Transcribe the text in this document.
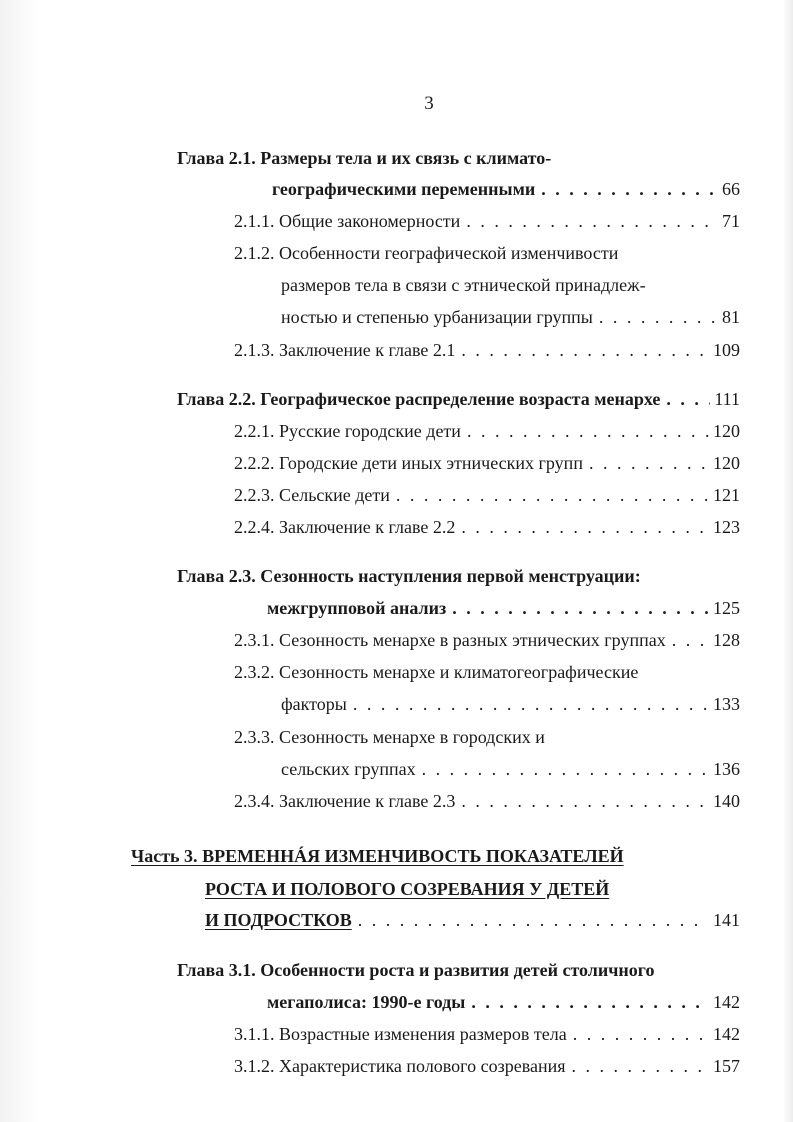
3
Глава 2.1. Размеры тела и их связь с климато-
географическими переменными . . .	66
2.1.1. Общие закономерности . . .	71
2.1.2. Особенности географической изменчивости
размеров тела в связи с этнической принадлеж-
ностью и степенью урбанизации группы . . .	81
2.1.3. Заключение к главе 2.1 . . .	109
Глава 2.2. Географическое распределение возраста менархе . . .	111
2.2.1. Русские городские дети . . .	120
2.2.2. Городские дети иных этнических групп . . .	120
2.2.3. Сельские дети . . .	121
2.2.4. Заключение к главе 2.2 . . .	123
Глава 2.3. Сезонность наступления первой менструации:
межгрупповой анализ . . .	125
2.3.1. Сезонность менархе в разных этнических группах . . .	128
2.3.2. Сезонность менархе и климатогеографические
факторы . . .	133
2.3.3. Сезонность менархе в городских и
сельских группах . . .	136
2.3.4. Заключение к главе 2.3 . . .	140
Часть 3. ВРЕМЕННÁЯ ИЗМЕНЧИВОСТЬ ПОКАЗАТЕЛЕЙ
РОСТА И ПОЛОВОГО СОЗРЕВАНИЯ У ДЕТЕЙ
И ПОДРОСТКОВ . . .	141
Глава 3.1. Особенности роста и развития детей столичного
мегаполиса: 1990-е годы . . .	142
3.1.1. Возрастные изменения размеров тела . . .	142
3.1.2. Характеристика полового созревания . . .	157
